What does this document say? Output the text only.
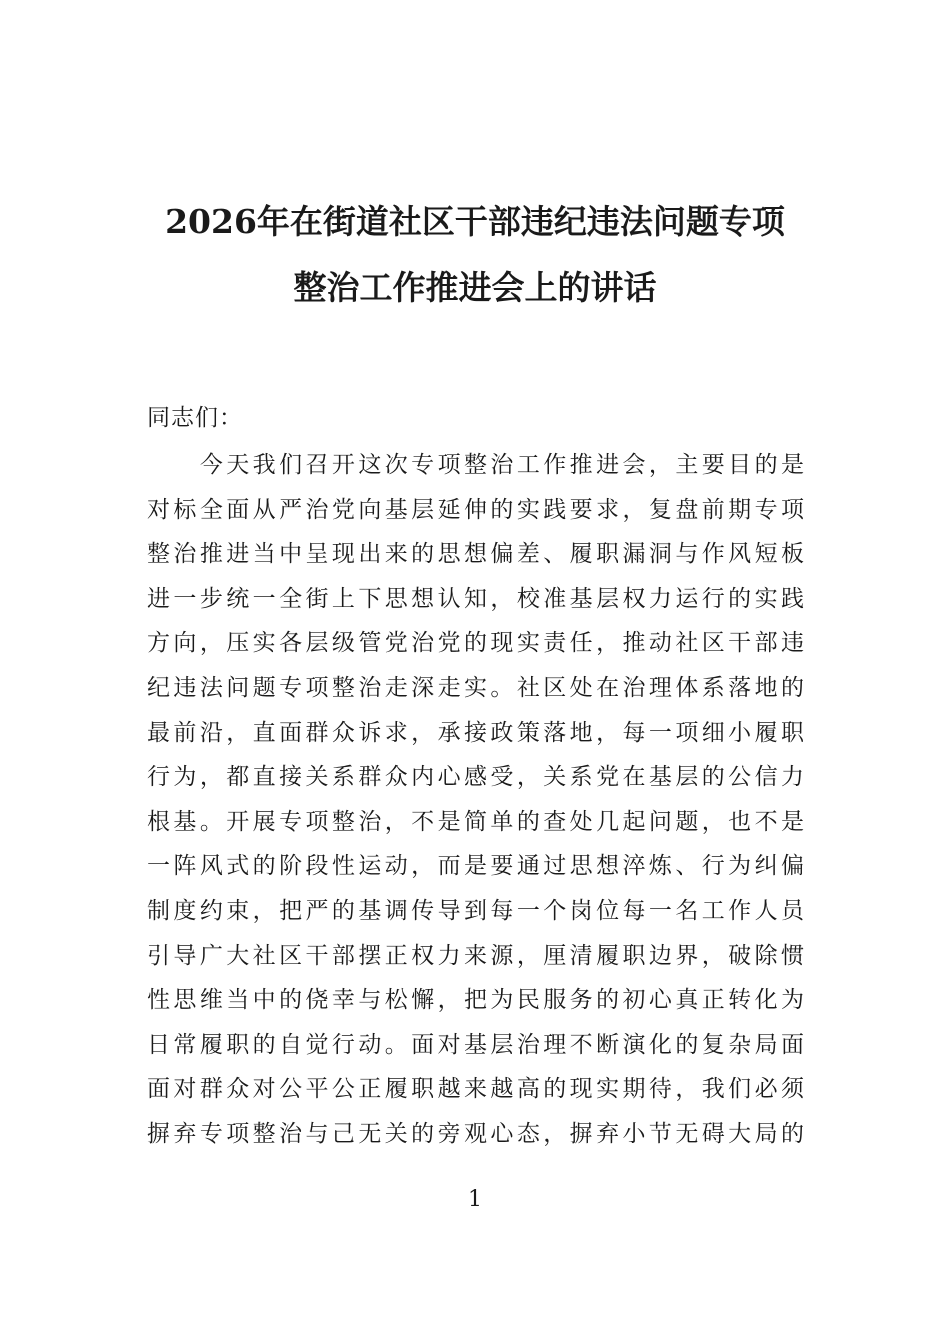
2026年在街道社区干部违纪违法问题专项
整治工作推进会上的讲话
同志们：
　　今天我们召开这次专项整治工作推进会，主要目的是
对标全面从严治党向基层延伸的实践要求，复盘前期专项
整治推进当中呈现出来的思想偏差、履职漏洞与作风短板
进一步统一全街上下思想认知，校准基层权力运行的实践
方向，压实各层级管党治党的现实责任，推动社区干部违
纪违法问题专项整治走深走实。社区处在治理体系落地的
最前沿，直面群众诉求，承接政策落地，每一项细小履职
行为，都直接关系群众内心感受，关系党在基层的公信力
根基。开展专项整治，不是简单的查处几起问题，也不是
一阵风式的阶段性运动，而是要通过思想淬炼、行为纠偏
制度约束，把严的基调传导到每一个岗位每一名工作人员
引导广大社区干部摆正权力来源，厘清履职边界，破除惯
性思维当中的侥幸与松懈，把为民服务的初心真正转化为
日常履职的自觉行动。面对基层治理不断演化的复杂局面
面对群众对公平公正履职越来越高的现实期待，我们必须
摒弃专项整治与己无关的旁观心态，摒弃小节无碍大局的
1
